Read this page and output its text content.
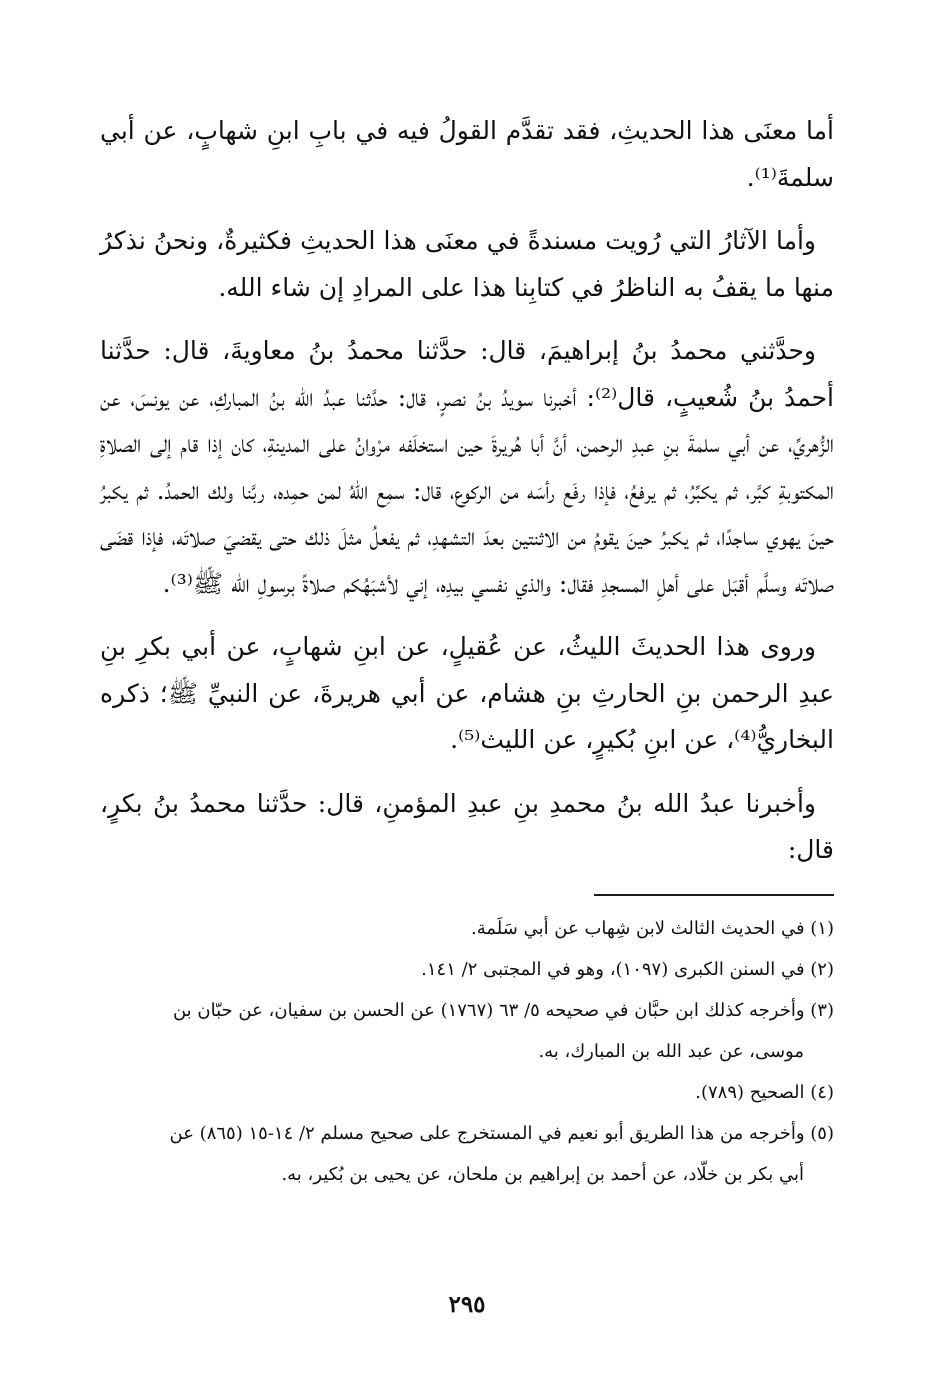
أما معنَى هذا الحديثِ، فقد تقدَّم القولُ فيه في بابِ ابنِ شهابٍ، عن أبي سلمةَ⁽¹⁾.

وأما الآثارُ التي رُويت مسندةً في معنَى هذا الحديثِ فكثيرةٌ، ونحنُ نذكرُ منها ما يقفُ به الناظرُ في كتابِنا هذا على المرادِ إن شاء الله.

وحدَّثني محمدُ بنُ إبراهيمَ، قال: حدَّثنا محمدُ بنُ معاويةَ، قال: حدَّثنا أحمدُ بنُ شُعيبٍ، قال⁽²⁾: أخبرنا سويدُ بنُ نصرٍ، قال: حدَّثنا عبدُ الله بنُ المباركِ، عن يونسَ، عن الزُّهريِّ، عن أبي سلمةَ بنِ عبدِ الرحمن، أنَّ أبا هُريرةَ حين استخلَفه مرْوانُ على المدينةِ، كان إذا قام إلى الصلاةِ المكتوبةِ كبَّر، ثم يكبِّرُ، ثم يرفعُ، فإذا رفَع رأسَه من الركوع، قال: سمِع اللهُ لمن حمِده، ربَّنا ولك الحمدُ. ثم يكبرُ حينَ يهوي ساجدًا، ثم يكبرُ حينَ يقومُ من الاثنتين بعدَ التشهدِ، ثم يفعلُ مثلَ ذلك حتى يقضيَ صلاتَه، فإذا قضَى صلاتَه وسلَّم أقبَل على أهلِ المسجدِ فقال: والذي نفسي بيدِه، إني لأشبَهُكم صلاةً برسولِ الله ﷺ⁽³⁾.

وروى هذا الحديثَ الليثُ، عن عُقيلٍ، عن ابنِ شهابٍ، عن أبي بكرِ بنِ عبدِ الرحمن بنِ الحارثِ بنِ هشام، عن أبي هريرةَ، عن النبيِّ ﷺ؛ ذكره البخاريُّ⁽⁴⁾، عن ابنِ بُكيرٍ، عن الليث⁽⁵⁾.

وأخبرنا عبدُ الله بنُ محمدِ بنِ عبدِ المؤمنِ، قال: حدَّثنا محمدُ بنُ بكرٍ، قال:

(١) في الحديث الثالث لابن شِهاب عن أبي سَلَمة.

(٢) في السنن الكبرى (١٠٩٧)، وهو في المجتبى ٢/ ١٤١.

(٣) وأخرجه كذلك ابن حبَّان في صحيحه ٥/ ٦٣ (١٧٦٧) عن الحسن بن سفيان، عن حبّان بن

موسى، عن عبد الله بن المبارك، به.

(٤) الصحيح (٧٨٩).

(٥) وأخرجه من هذا الطريق أبو نعيم في المستخرج على صحيح مسلم ٢/ ١٤-١٥ (٨٦٥) عن

أبي بكر بن خلّاد، عن أحمد بن إبراهيم بن ملحان، عن يحيى بن بُكير، به.

٢٩٥
